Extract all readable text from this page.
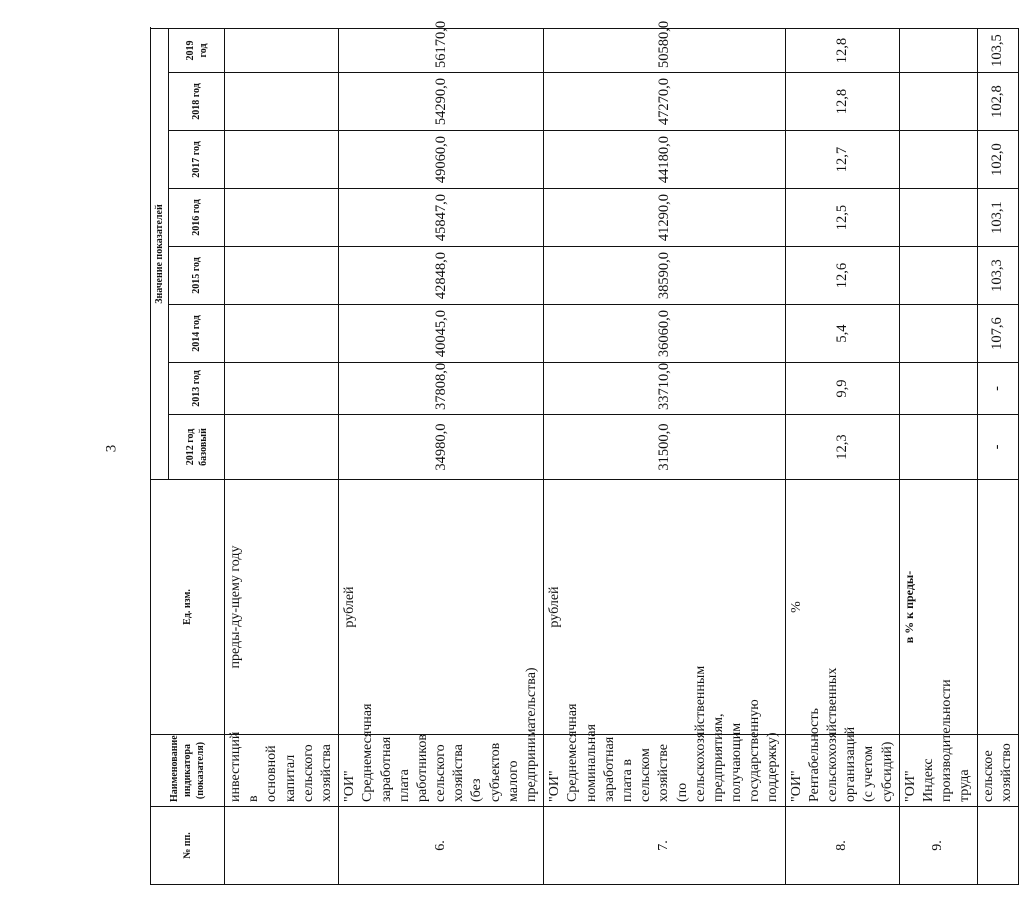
3
№ пп.	Наименование индикатора (показателя)	Ед. изм.	Значение показателей								
			2012 год базовый	2013 год	2014 год	2015 год	2016 год	2017 год	2018 год	2019 год	
	инвестиций в основной капитал сельского хозяйства	преды-ду-щему году									
6.	"ОИ" Среднемесячная заработная плата работников сельского хозяйства (без субъектов малого предпринимательства)	рублей	34980,0	37808,0	40045,0	42848,0	45847,0	49060,0	54290,0	56170,0	
7.	"ОИ" Среднемесячная номинальная заработная плата в сельском хозяйстве (по сельскохозяйственным предприятиям, получающим государственную поддержку)	рублей	31500,0	33710,0	36060,0	38590,0	41290,0	44180,0	47270,0	50580,0	
8.	"ОИ" Рентабельность сельскохозяйственных организаций (с учетом субсидий)	%	12,3	9,9	5,4	12,6	12,5	12,7	12,8	12,8	
9.	"ОИ" Индекс производительности труда	в % к преды-									
	сельское хозяйство		-	-	107,6	103,3	103,1	102,0	102,8	103,5	
